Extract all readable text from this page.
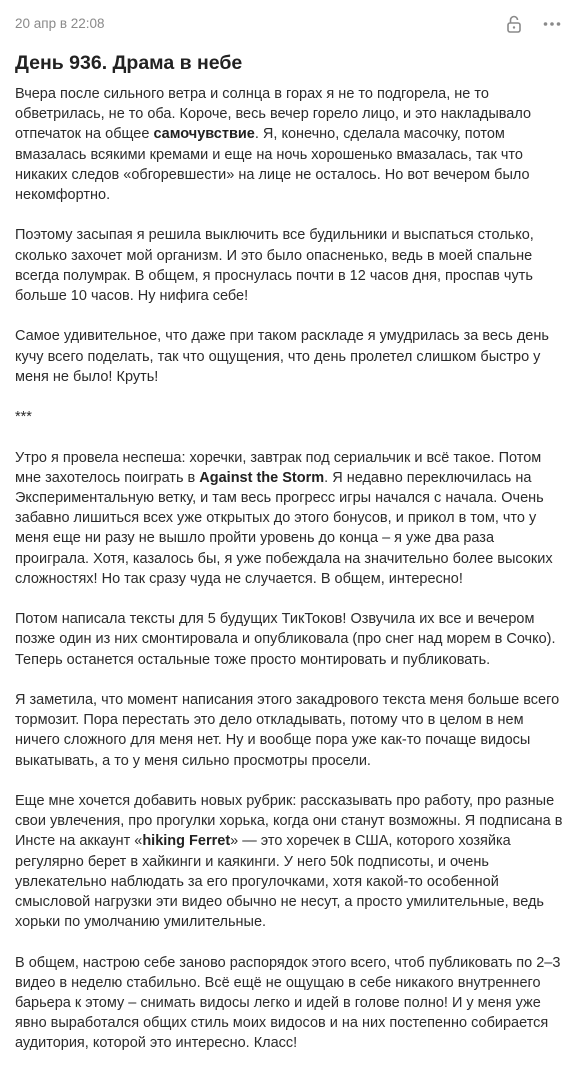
20 апр в 22:08
День 936. Драма в небе

Вчера после сильного ветра и солнца в горах я не то подгорела, не то обветрилась, не то оба. Короче, весь вечер горело лицо, и это накладывало отпечаток на общее самочувствие. Я, конечно, сделала масочку, потом вмазалась всякими кремами и еще на ночь хорошенько вмазалась, так что никаких следов «обгоревшести» на лице не осталось. Но вот вечером было некомфортно.

Поэтому засыпая я решила выключить все будильники и выспаться столько, сколько захочет мой организм. И это было опасненько, ведь в моей спальне всегда полумрак. В общем, я проснулась почти в 12 часов дня, проспав чуть больше 10 часов. Ну нифига себе!

Самое удивительное, что даже при таком раскладе я умудрилась за весь день кучу всего поделать, так что ощущения, что день пролетел слишком быстро у меня не было! Круть!

***

Утро я провела неспеша: хоречки, завтрак под сериальчик и всё такое. Потом мне захотелось поиграть в Against the Storm. Я недавно переключилась на Экспериментальную ветку, и там весь прогресс игры начался с начала. Очень забавно лишиться всех уже открытых до этого бонусов, и прикол в том, что у меня еще ни разу не вышло пройти уровень до конца – я уже два раза проиграла. Хотя, казалось бы, я уже побеждала на значительно более высоких сложностях! Но так сразу чуда не случается. В общем, интересно!

Потом написала тексты для 5 будущих ТикТоков! Озвучила их все и вечером позже один из них смонтировала и опубликовала (про снег над морем в Сочко). Теперь останется остальные тоже просто монтировать и публиковать.

Я заметила, что момент написания этого закадрового текста меня больше всего тормозит. Пора перестать это дело откладывать, потому что в целом в нем ничего сложного для меня нет. Ну и вообще пора уже как-то почаще видосы выкатывать, а то у меня сильно просмотры просели.

Еще мне хочется добавить новых рубрик: рассказывать про работу, про разные свои увлечения, про прогулки хорька, когда они станут возможны. Я подписана в Инсте на аккаунт «hiking Ferret» — это хоречек в США, которого хозяйка регулярно берет в хайкинги и каякинги. У него 50k подписоты, и очень увлекательно наблюдать за его прогулочками, хотя какой-то особенной смысловой нагрузки эти видео обычно не несут, а просто умилительные, ведь хорьки по умолчанию умилительные.

В общем, настрою себе заново распорядок этого всего, чтоб публиковать по 2–3 видео в неделю стабильно. Всё ещё не ощущаю в себе никакого внутреннего барьера к этому – снимать видосы легко и идей в голове полно! И у меня уже явно выработался общих стиль моих видосов и на них постепенно собирается аудитория, которой это интересно. Класс!
